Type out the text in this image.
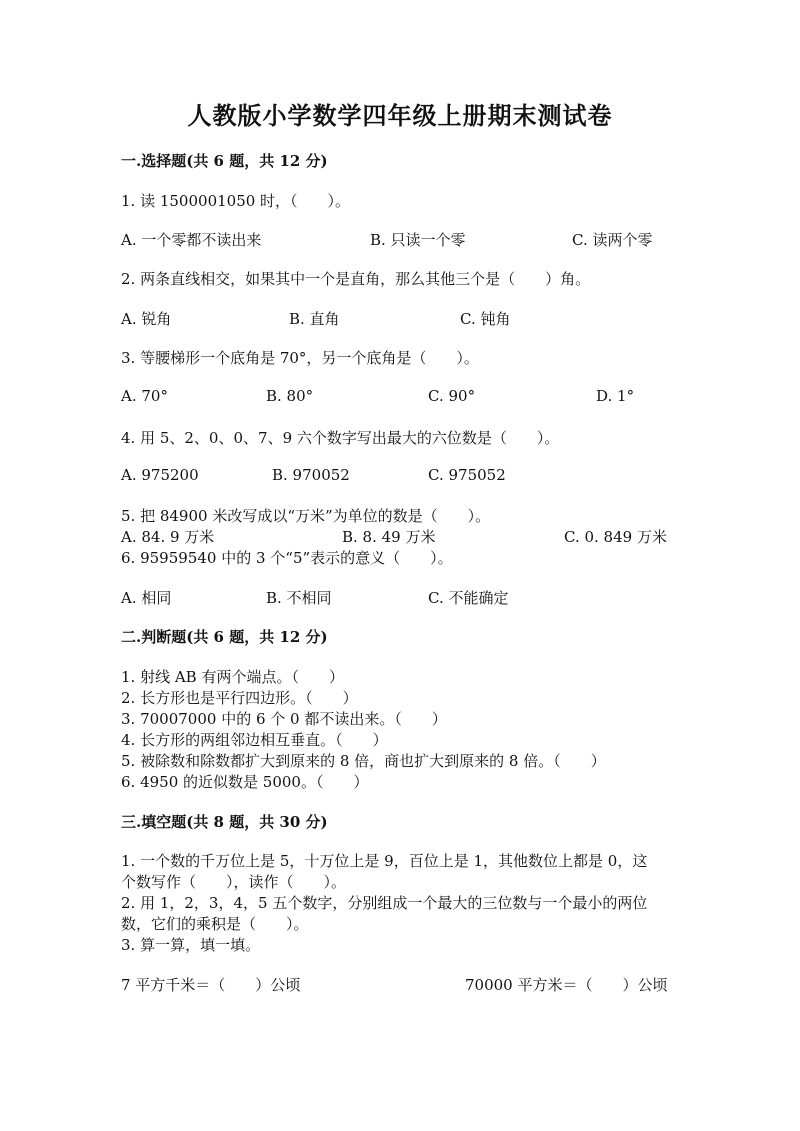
人教版小学数学四年级上册期末测试卷
一.选择题(共 6 题，共 12 分)
1. 读 1500001050 时，（　　）。
A. 一个零都不读出来	B. 只读一个零	C. 读两个零
2. 两条直线相交，如果其中一个是直角，那么其他三个是（　　）角。
A. 锐角	B. 直角	C. 钝角
3. 等腰梯形一个底角是 70°，另一个底角是（　　）。
A. 70°	B. 80°	C. 90°	D. 1°
4. 用 5、2、0、0、7、9 六个数字写出最大的六位数是（　　）。
A. 975200	B. 970052	C. 975052
5. 把 84900 米改写成以“万米”为单位的数是（　　）。
A. 84. 9 万米	B. 8. 49 万米	C. 0. 849 万米
6. 95959540 中的 3 个“5”表示的意义（　　）。
A. 相同	B. 不相同	C. 不能确定
二.判断题(共 6 题，共 12 分)
1. 射线 AB 有两个端点。（　　）
2. 长方形也是平行四边形。（　　）
3. 70007000 中的 6 个 0 都不读出来。（　　）
4. 长方形的两组邻边相互垂直。（　　）
5. 被除数和除数都扩大到原来的 8 倍，商也扩大到原来的 8 倍。（　　）
6. 4950 的近似数是 5000。（　　）
三.填空题(共 8 题，共 30 分)
1. 一个数的千万位上是 5，十万位上是 9，百位上是 1，其他数位上都是 0，这
个数写作（　　），读作（　　）。
2. 用 1，2，3，4，5 五个数字，分别组成一个最大的三位数与一个最小的两位
数，它们的乘积是（　　）。
3. 算一算，填一填。
7 平方千米＝（　　）公顷	70000 平方米＝（　　）公顷
